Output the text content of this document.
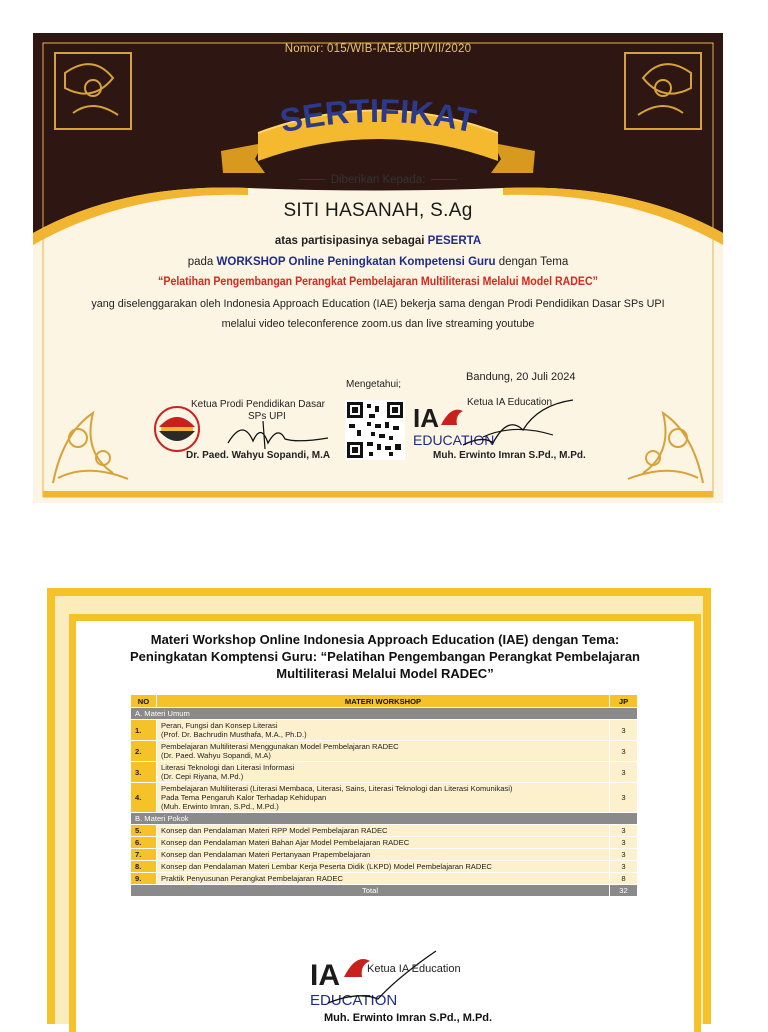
Nomor: 015/WIB-IAE&UPI/VII/2020
SERTIFIKAT
Diberikan Kepada:
SITI HASANAH, S.Ag
atas partisipasinya sebagai PESERTA
pada WORKSHOP Online Peningkatan Kompetensi Guru dengan Tema
“Pelatihan Pengembangan Perangkat Pembelajaran Multiliterasi Melalui Model RADEC”
yang diselenggarakan oleh Indonesia Approach Education (IAE) bekerja sama dengan Prodi Pendidikan Dasar SPs UPI
melalui video teleconference zoom.us dan live streaming youtube
Bandung, 20 Juli 2024
Mengetahui;
Ketua Prodi Pendidikan Dasar
SPs UPI
Ketua IA Education
IA
EDUCATION
Dr. Paed. Wahyu Sopandi, M.A	Muh. Erwinto Imran S.Pd., M.Pd.
Materi Workshop Online Indonesia Approach Education (IAE) dengan Tema:
Peningkatan Komptensi Guru: “Pelatihan Pengembangan Perangkat Pembelajaran
Multiliterasi Melalui Model RADEC”
NO	MATERI WORKSHOP	JP
A. Materi Umum		
1.	Peran, Fungsi dan Konsep Literasi
(Prof. Dr. Bachrudin Musthafa, M.A., Ph.D.)	3
2.	Pembelajaran Multiliterasi Menggunakan Model Pembelajaran RADEC
(Dr. Paed. Wahyu Sopandi, M.A)	3
3.	Literasi Teknologi dan Literasi Informasi
(Dr. Cepi Riyana, M.Pd.)	3
4.	Pembelajaran Multiliterasi (Literasi Membaca, Literasi, Sains, Literasi Teknologi dan Literasi Komunikasi)
Pada Tema Pengaruh Kalor Terhadap Kehidupan
(Muh. Erwinto Imran, S.Pd., M.Pd.)	3
B. Materi Pokok		
5.	Konsep dan Pendalaman Materi RPP Model Pembelajaran RADEC	3
6.	Konsep dan Pendalaman Materi Bahan Ajar Model Pembelajaran RADEC	3
7.	Konsep dan Pendalaman Materi Pertanyaan Prapembelajaran	3
8.	Konsep dan Pendalaman Materi Lembar Kerja Peserta Didik (LKPD) Model Pembelajaran RADEC	3
9.	Praktik Penyusunan Perangkat Pembelajaran RADEC	8
Total		32
IA
EDUCATION
Ketua IA Education
Muh. Erwinto Imran S.Pd., M.Pd.
